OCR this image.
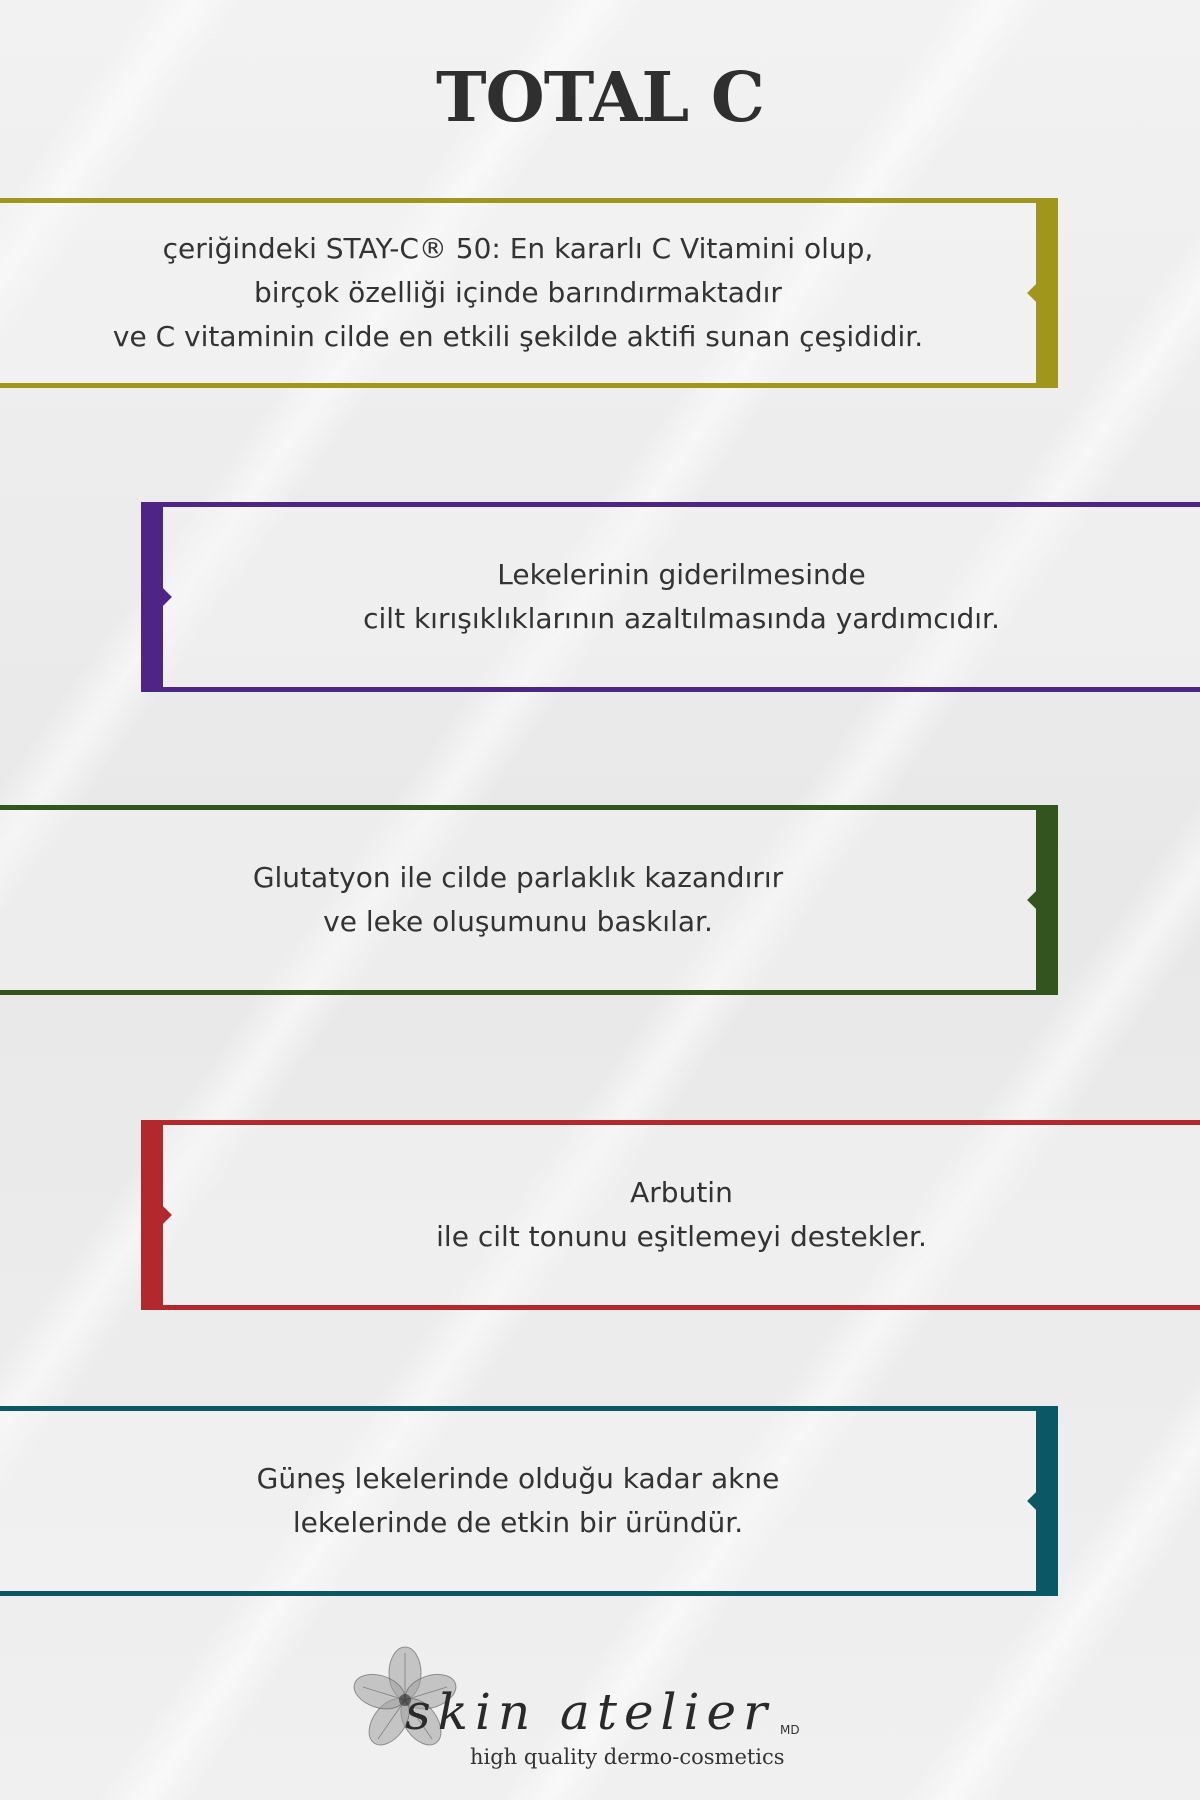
TOTAL C
çeriğindeki STAY-C® 50: En kararlı C Vitamini olup,
birçok özelliği içinde barındırmaktadır
ve C vitaminin cilde en etkili şekilde aktifi sunan çeşididir.
Lekelerinin giderilmesinde
cilt kırışıklıklarının azaltılmasında yardımcıdır.
Glutatyon ile cilde parlaklık kazandırır
ve leke oluşumunu baskılar.
Arbutin
ile cilt tonunu eşitlemeyi destekler.
Güneş lekelerinde olduğu kadar akne
lekelerinde de etkin bir üründür.
skin atelier MD
high quality dermo-cosmetics
